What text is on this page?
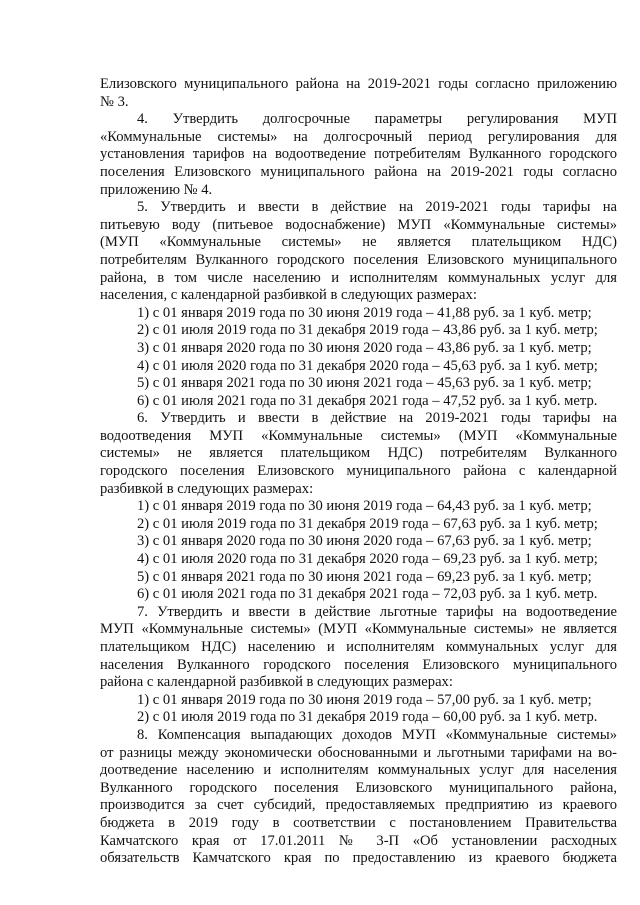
Елизовского муниципального района на 2019-2021 годы согласно приложению
№ 3.
4. Утвердить долгосрочные параметры регулирования МУП
«Коммунальные системы» на долгосрочный период регулирования для
установления тарифов на водоотведение потребителям Вулканного городского
поселения Елизовского муниципального района на 2019-2021 годы согласно
приложению № 4.
5. Утвердить и ввести в действие на 2019-2021 годы тарифы на
питьевую воду (питьевое водоснабжение) МУП «Коммунальные системы»
(МУП «Коммунальные системы» не является плательщиком НДС)
потребителям Вулканного городского поселения Елизовского муниципального
района, в том числе населению и исполнителям коммунальных услуг для
населения, с календарной разбивкой в следующих размерах:
1) с 01 января 2019 года по 30 июня 2019 года – 41,88 руб. за 1 куб. метр;
2) с 01 июля 2019 года по 31 декабря 2019 года – 43,86 руб. за 1 куб. метр;
3) с 01 января 2020 года по 30 июня 2020 года – 43,86 руб. за 1 куб. метр;
4) с 01 июля 2020 года по 31 декабря 2020 года – 45,63 руб. за 1 куб. метр;
5) с 01 января 2021 года по 30 июня 2021 года – 45,63 руб. за 1 куб. метр;
6) с 01 июля 2021 года по 31 декабря 2021 года – 47,52 руб. за 1 куб. метр.
6. Утвердить и ввести в действие на 2019-2021 годы тарифы на
водоотведения МУП «Коммунальные системы» (МУП «Коммунальные
системы» не является плательщиком НДС) потребителям Вулканного
городского поселения Елизовского муниципального района с календарной
разбивкой в следующих размерах:
1) с 01 января 2019 года по 30 июня 2019 года – 64,43 руб. за 1 куб. метр;
2) с 01 июля 2019 года по 31 декабря 2019 года – 67,63 руб. за 1 куб. метр;
3) с 01 января 2020 года по 30 июня 2020 года – 67,63 руб. за 1 куб. метр;
4) с 01 июля 2020 года по 31 декабря 2020 года – 69,23 руб. за 1 куб. метр;
5) с 01 января 2021 года по 30 июня 2021 года – 69,23 руб. за 1 куб. метр;
6) с 01 июля 2021 года по 31 декабря 2021 года – 72,03 руб. за 1 куб. метр.
7. Утвердить и ввести в действие льготные тарифы на водоотведение
МУП «Коммунальные системы» (МУП «Коммунальные системы» не является
плательщиком НДС) населению и исполнителям коммунальных услуг для
населения Вулканного городского поселения Елизовского муниципального
района с календарной разбивкой в следующих размерах:
1) с 01 января 2019 года по 30 июня 2019 года – 57,00 руб. за 1 куб. метр;
2) с 01 июля 2019 года по 31 декабря 2019 года – 60,00 руб. за 1 куб. метр.
8. Компенсация выпадающих доходов МУП «Коммунальные системы»
от разницы между экономически обоснованными и льготными тарифами на во-
доотведение населению и исполнителям коммунальных услуг для населения
Вулканного городского поселения Елизовского муниципального района,
производится за счет субсидий, предоставляемых предприятию из краевого
бюджета в 2019 году в соответствии с постановлением Правительства
Камчатского края от 17.01.2011 № 3-П «Об установлении расходных
обязательств Камчатского края по предоставлению из краевого бюджета
